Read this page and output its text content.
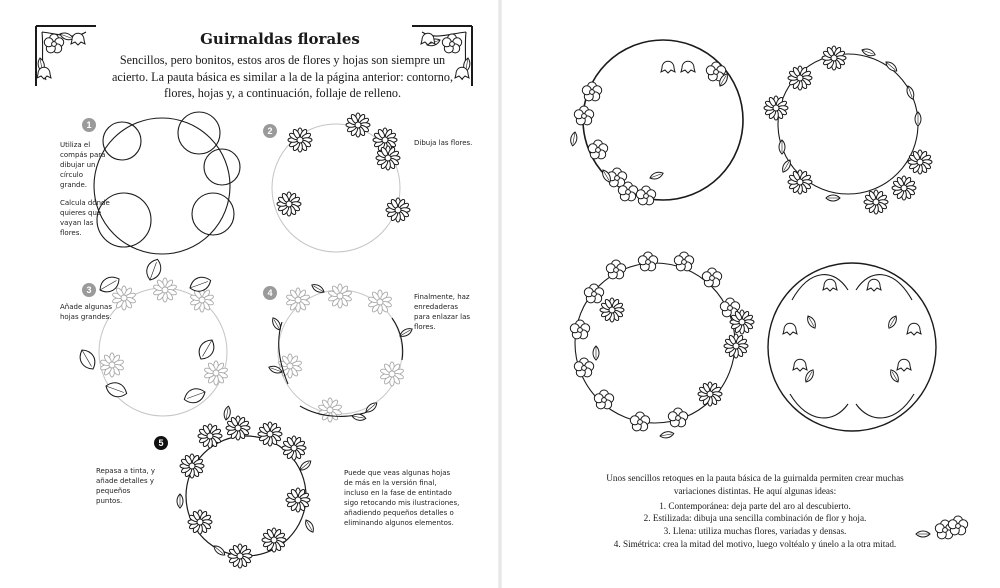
Guirnaldas florales
Sencillos, pero bonitos, estos aros de flores y hojas son siempre un acierto. La pauta básica es similar a la de la página anterior: contorno, flores, hojas y, a continuación, follaje de relleno.
1

Utiliza el compás para dibujar un círculo grande.

Calcula dónde quieres que vayan las flores.

2

Dibuja las flores.

3

Añade algunas hojas grandes.

4	Finalmente, haz enredaderas para enlazar las flores.

5

Repasa a tinta, y añade detalles y pequeños puntos.

Puede que veas algunas hojas de más en la versión final, incluso en la fase de entintado sigo retocando mis ilustraciones, añadiendo pequeños detalles o eliminando algunos elementos.

Unos sencillos retoques en la pauta básica de la guirnalda permiten crear muchas variaciones distintas. He aquí algunas ideas:

1. Contemporánea: deja parte del aro al descubierto.
2. Estilizada: dibuja una sencilla combinación de flor y hoja.
3. Llena: utiliza muchas flores, variadas y densas.
4. Simétrica: crea la mitad del motivo, luego voltéalo y únelo a la otra mitad.
